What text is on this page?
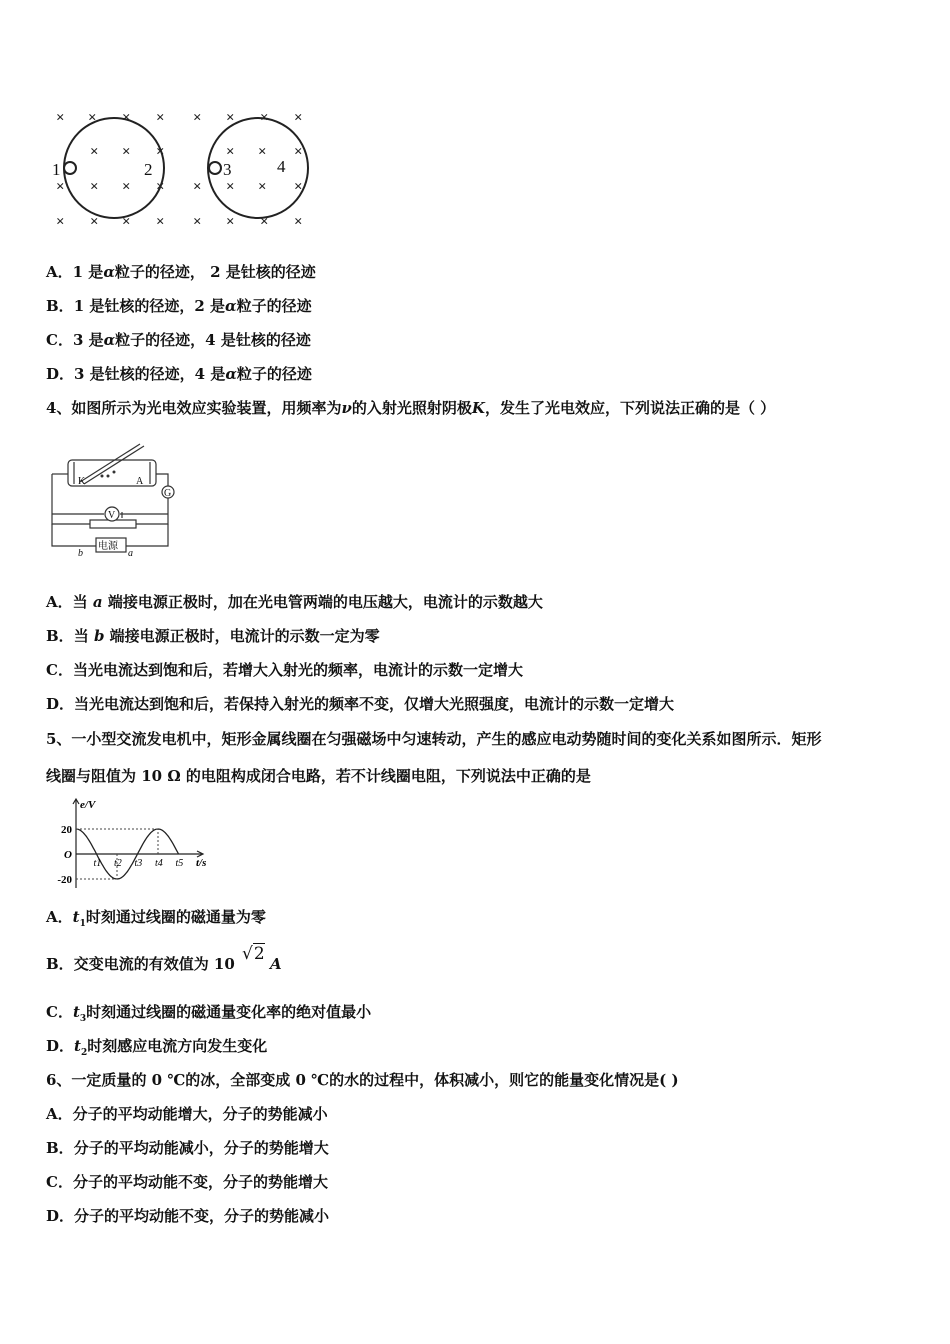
× × × × × × × ×
× × ×	× × ×
× × × × × × × ×
× × × × × × × ×
1	2	3	4
A．1 是α粒子的径迹， 2 是钍核的径迹
B．1 是钍核的径迹，2 是α粒子的径迹
C．3 是α粒子的径迹，4 是钍核的径迹
D．3 是钍核的径迹，4 是α粒子的径迹
4、如图所示为光电效应实验装置，用频率为ν的入射光照射阴极K，发生了光电效应，下列说法正确的是（ ）
K	A
G
V
电源
b	a
A．当 a 端接电源正极时，加在光电管两端的电压越大，电流计的示数越大
B．当 b 端接电源正极时，电流计的示数一定为零
C．当光电流达到饱和后，若增大入射光的频率，电流计的示数一定增大
D．当光电流达到饱和后，若保持入射光的频率不变，仅增大光照强度，电流计的示数一定增大
5、一小型交流发电机中，矩形金属线圈在匀强磁场中匀速转动，产生的感应电动势随时间的变化关系如图所示．矩形
线圈与阻值为 10 Ω 的电阻构成闭合电路，若不计线圈电阻，下列说法中正确的是
e/V
t/s
20
O
-20
t1 t2 t3 t4 t5
A．$t_1$时刻通过线圈的磁通量为零
B．交变电流的有效值为 10 √2 A
C．$t_3$时刻通过线圈的磁通量变化率的绝对值最小
D．$t_2$时刻感应电流方向发生变化
6、一定质量的 0 ℃的冰，全部变成 0 ℃的水的过程中，体积减小，则它的能量变化情况是( )
A．分子的平均动能增大，分子的势能减小
B．分子的平均动能减小，分子的势能增大
C．分子的平均动能不变，分子的势能增大
D．分子的平均动能不变，分子的势能减小
